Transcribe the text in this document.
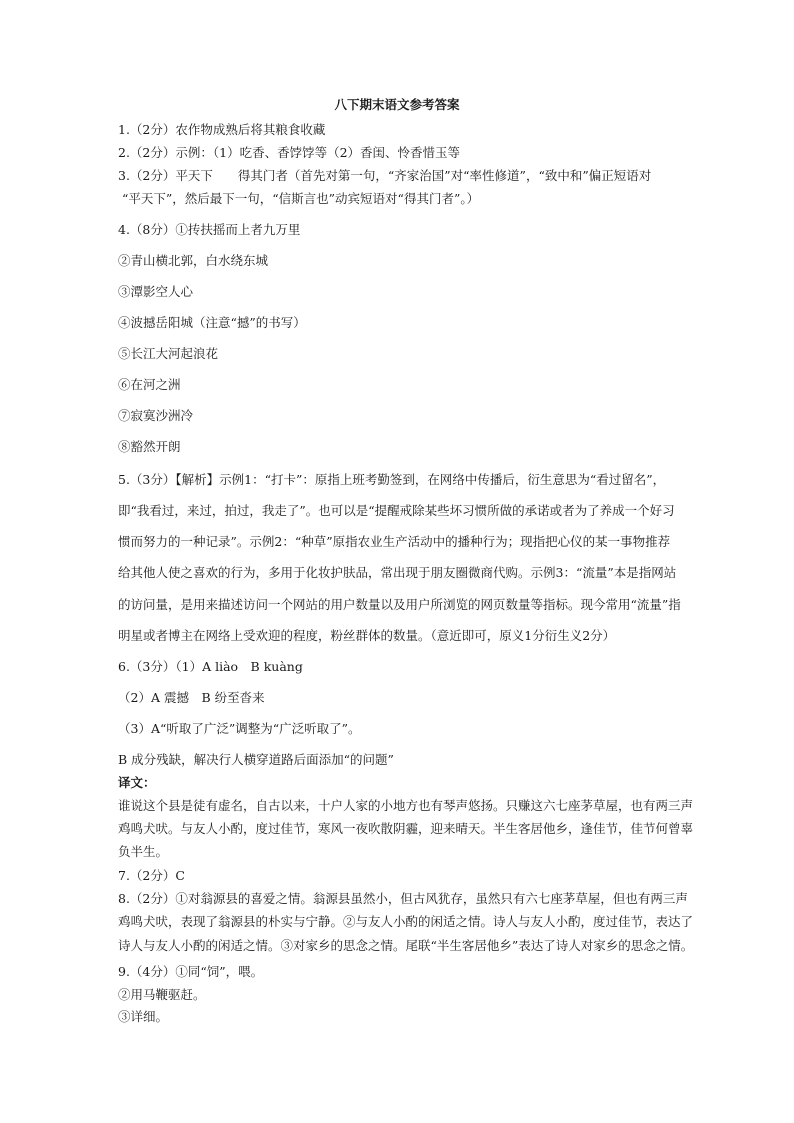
八下期末语文参考答案
1.（2分）农作物成熟后将其粮食收藏
2.（2分）示例：（1）吃香、香饽饽等（2）香闺、怜香惜玉等
3.（2分）平天下　　得其门者（首先对第一句，“齐家治国”对“率性修道”，“致中和”偏正短语对
“平天下”，然后最下一句，“信斯言也”动宾短语对“得其门者”。）
4.（8分）①抟扶摇而上者九万里
②青山横北郭，白水绕东城
③潭影空人心
④波撼岳阳城（注意“撼”的书写）
⑤长江大河起浪花
⑥在河之洲
⑦寂寞沙洲冷
⑧豁然开朗
5.（3分）【解析】示例1：“打卡”：原指上班考勤签到，在网络中传播后，衍生意思为“看过留名”，
即“我看过，来过，拍过，我走了”。也可以是“提醒戒除某些坏习惯所做的承诺或者为了养成一个好习
惯而努力的一种记录”。示例2：“种草”原指农业生产活动中的播种行为；现指把心仪的某一事物推荐
给其他人使之喜欢的行为，多用于化妆护肤品，常出现于朋友圈微商代购。示例3：“流量”本是指网站
的访问量，是用来描述访问一个网站的用户数量以及用户所浏览的网页数量等指标。现今常用“流量”指
明星或者博主在网络上受欢迎的程度，粉丝群体的数量。（意近即可，原义1分衍生义2分）
6.（3分）（1）A liào　B kuàng
（2）A 震撼　B 纷至沓来
（3）A“听取了广泛”调整为“广泛听取了”。
B 成分残缺，解决行人横穿道路后面添加“的问题”
译文：
谁说这个县是徒有虚名，自古以来，十户人家的小地方也有琴声悠扬。只赚这六七座茅草屋，也有两三声
鸡鸣犬吠。与友人小酌，度过佳节，寒风一夜吹散阴霾，迎来晴天。半生客居他乡，逢佳节，佳节何曾辜
负半生。
7.（2分）C
8.（2分）①对翁源县的喜爱之情。翁源县虽然小，但古风犹存，虽然只有六七座茅草屋，但也有两三声
鸡鸣犬吠，表现了翁源县的朴实与宁静。②与友人小酌的闲适之情。诗人与友人小酌，度过佳节，表达了
诗人与友人小酌的闲适之情。③对家乡的思念之情。尾联“半生客居他乡”表达了诗人对家乡的思念之情。
9.（4分）①同“饲”，喂。
②用马鞭驱赶。
③详细。
